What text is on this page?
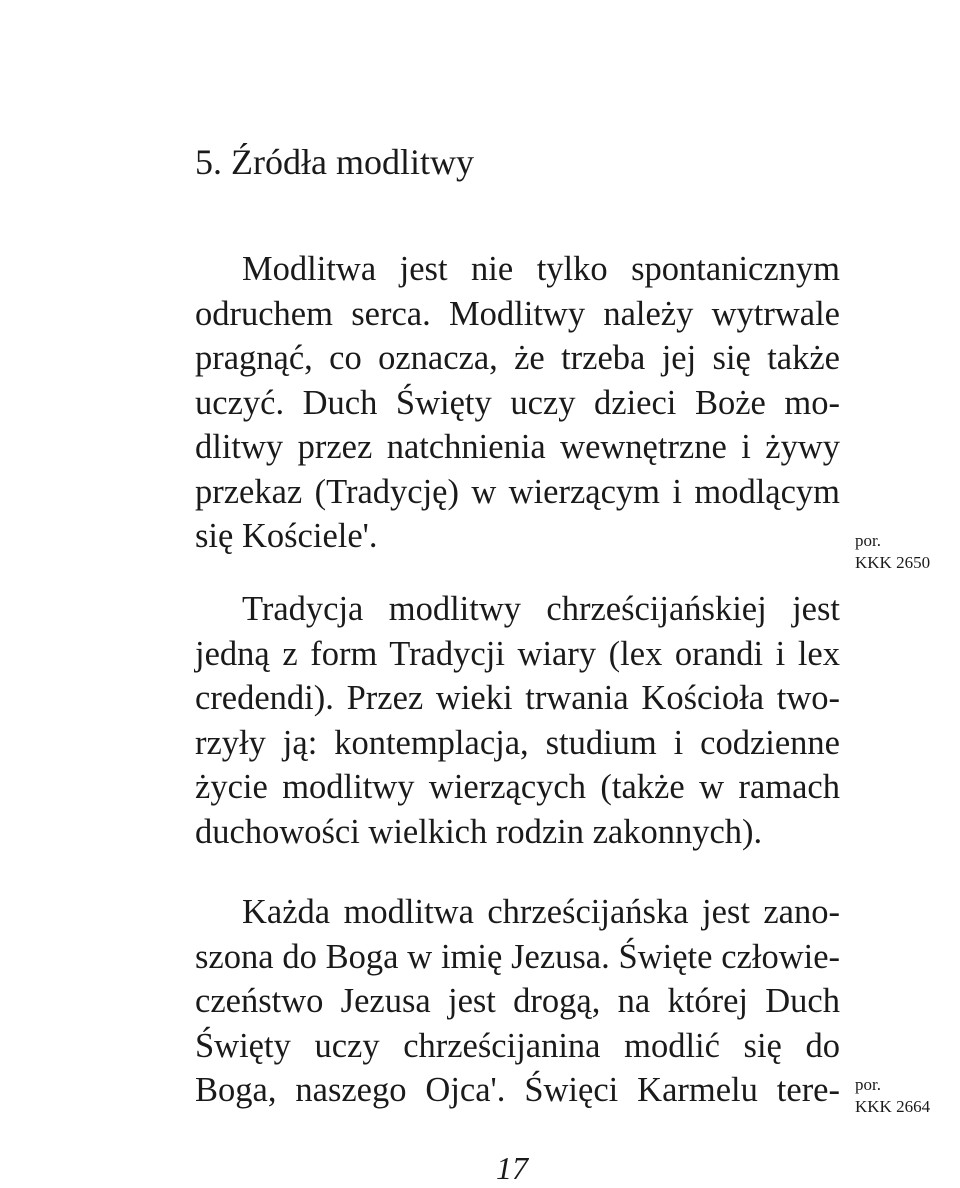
5. Źródła modlitwy
Modlitwa jest nie tylko spontanicznym
odruchem serca. Modlitwy należy wytrwale
pragnąć, co oznacza, że trzeba jej się także
uczyć. Duch Święty uczy dzieci Boże mo-
dlitwy przez natchnienia wewnętrzne i żywy
przekaz (Tradycję) w wierzącym i modlącym
się Kościele'.
Tradycja modlitwy chrześcijańskiej jest
jedną z form Tradycji wiary (lex orandi i lex
credendi). Przez wieki trwania Kościoła two-
rzyły ją: kontemplacja, studium i codzienne
życie modlitwy wierzących (także w ramach
duchowości wielkich rodzin zakonnych).
Każda modlitwa chrześcijańska jest zano-
szona do Boga w imię Jezusa. Święte człowie-
czeństwo Jezusa jest drogą, na której Duch
Święty uczy chrześcijanina modlić się do
Boga, naszego Ojca'. Święci Karmelu tere-
por.
KKK 2650
por.
KKK 2664
17
